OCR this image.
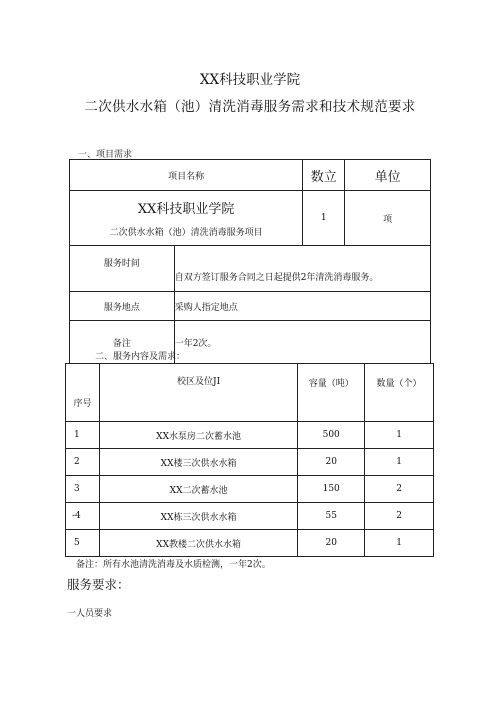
XX科技职业学院
二次供水水箱（池）清洗消毒服务需求和技术规范要求
一、项目需求
项目名称		数立	单位

XX科技职业学院
二次供水水箱（池）清洗消毒服务项目		1	项
服务时间	自双方签订服务合同之日起提供2年清洗消毒服务。		
服务地点	采购人指定地点		
备注	一年2次。		
二、服务内容及需求：
序号	校区及位JI	容量（吨）	数量（个）
1	XX水泵房二次蓄水池	500	1
2	XX楼三次供水水箱	20	1
3	XX二次蓄水池	150	2
-4	XX栋三次供水水箱	55	2
5	XX教楼二次供水水箱	20	1
备注：所有水池清洗消毒及水质检测，一年2次。
服务要求：
一人员要求
